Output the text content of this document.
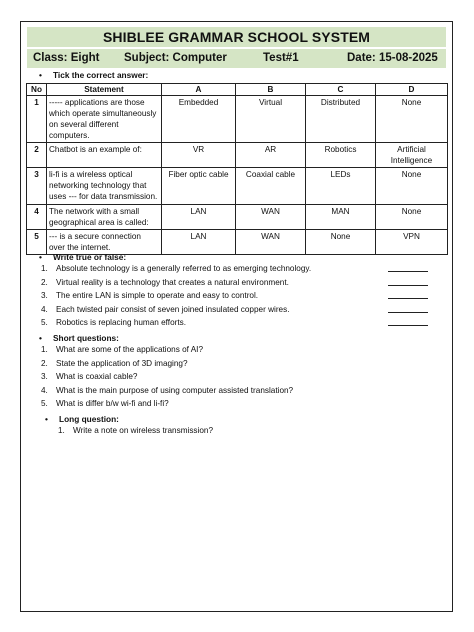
SHIBLEE GRAMMAR SCHOOL SYSTEM
Class: Eight Subject: Computer	Test#1	Date: 15-08-2025
• Tick the correct answer:
No	Statement	A	B	C	D
1	----- applications are those which operate simultaneously on several different computers.	Embedded	Virtual	Distributed	None
2	Chatbot is an example of:	VR	AR	Robotics	Artificial Intelligence
3	li-fi is a wireless optical networking technology that uses --- for data transmission.	Fiber optic cable	Coaxial cable	LEDs	None
4	The network with a small geographical area is called:	LAN	WAN	MAN	None
5	--- is a secure connection over the internet.	LAN	WAN	None	VPN
• Write true or false:
1. Absolute technology is a generally referred to as emerging technology.
2. Virtual reality is a technology that creates a natural environment.
3. The entire LAN is simple to operate and easy to control.
4. Each twisted pair consist of seven joined insulated copper wires.
5. Robotics is replacing human efforts.
• Short questions:
1. What are some of the applications of AI?
2. State the application of 3D imaging?
3. What is coaxial cable?
4. What is the main purpose of using computer assisted translation?
5. What is differ b/w wi-fi and li-fi?
• Long question:
1. Write a note on wireless transmission?
